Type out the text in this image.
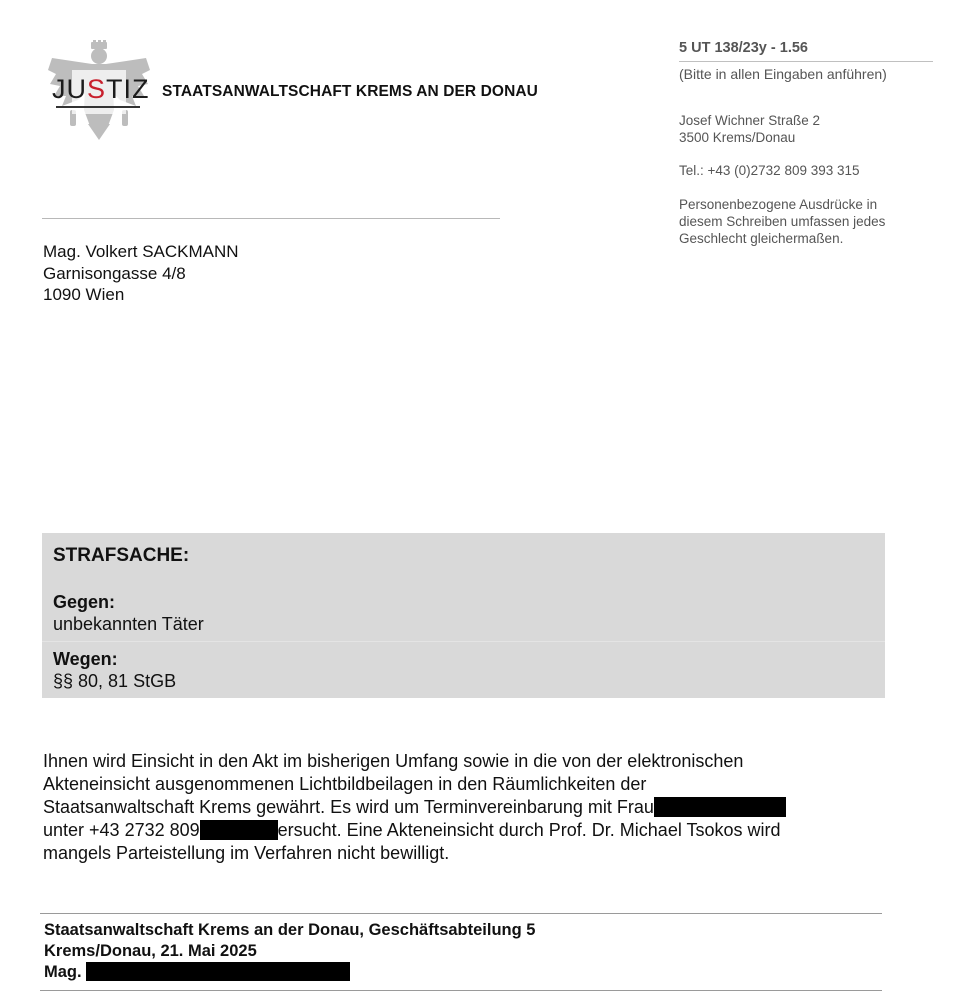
JUSTIZ STAATSANWALTSCHAFT KREMS AN DER DONAU
5 UT 138/23y - 1.56
(Bitte in allen Eingaben anführen)
Josef Wichner Straße 2
3500 Krems/Donau
Tel.: +43 (0)2732 809 393 315
Personenbezogene Ausdrücke in diesem Schreiben umfassen jedes Geschlecht gleichermaßen.
Mag. Volkert SACKMANN
Garnisongasse 4/8
1090 Wien
STRAFSACHE:
Gegen:
unbekannten Täter
Wegen:
§§ 80, 81 StGB
Ihnen wird Einsicht in den Akt im bisherigen Umfang sowie in die von der elektronischen
Akteneinsicht ausgenommenen Lichtbildbeilagen in den Räumlichkeiten der
Staatsanwaltschaft Krems gewährt. Es wird um Terminvereinbarung mit Frau
unter +43 2732 809	ersucht. Eine Akteneinsicht durch Prof. Dr. Michael Tsokos wird
mangels Parteistellung im Verfahren nicht bewilligt.
Staatsanwaltschaft Krems an der Donau, Geschäftsabteilung 5
Krems/Donau, 21. Mai 2025
Mag.
